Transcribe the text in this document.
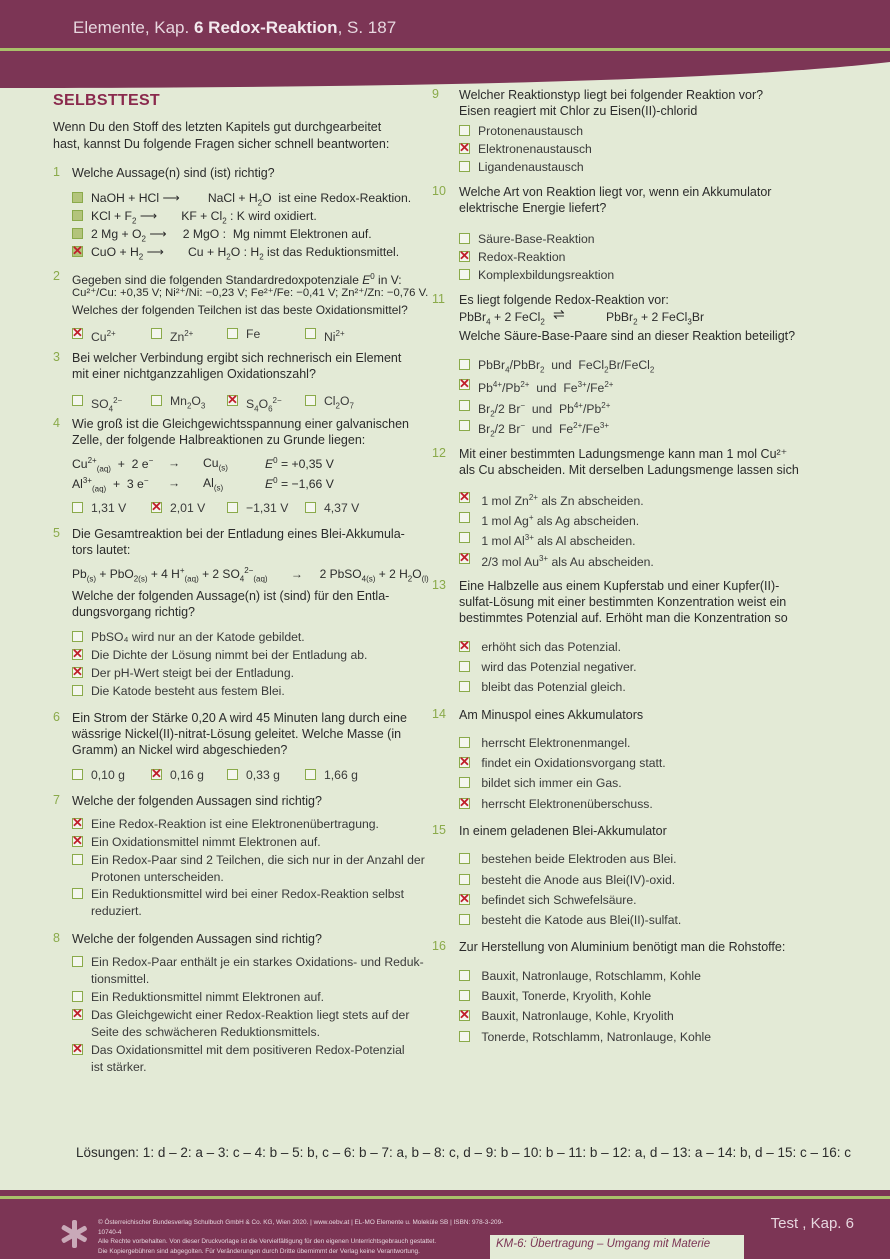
Elemente, Kap. 6 Redox-Reaktion, S. 187
SELBSTTEST
Wenn Du den Stoff des letzten Kapitels gut durchgearbeitet hast, kannst Du folgende Fragen sicher schnell beantworten:
1 Welche Aussage(n) sind (ist) richtig?
NaOH + HCl ⟶ NaCl + $H_2O$  ist eine Redox-Reaktion.
KCl + $F_2$ ⟶ KF + $Cl_2$ : K wird oxidiert.
2 $Mg + O_2$ ⟶ 2 MgO :  Mg nimmt Elektronen auf.
✕
CuO + $H_2$ ⟶ $Cu + H_2O$ : $H_2$ ist das Reduktionsmittel.
2 Gegeben sind die folgenden Standardredoxpotenziale $E^0$ in V:
Cu²⁺/Cu: +0,35 V; Ni²⁺/Ni: −0,23 V; Fe²⁺/Fe: −0,41 V; Zn²⁺/Zn: −0,76 V.
Welches der folgenden Teilchen ist das beste Oxidationsmittel?
✕
$Cu^{2+}$	$Zn^{2+}$	Fe	$Ni^{2+}$
3 Bei welcher Verbindung ergibt sich rechnerisch ein Element
mit einer nichtganzzahligen Oxidationszahl?
$SO_4^{2-}$	$Mn_2O_3$ ✕	$S_4O_6^{2-}$	$Cl_2O_7$
4 Wie groß ist die Gleichgewichtsspannung einer galvanischen
Zelle, der folgende Halbreaktionen zu Grunde liegen:
$Cu^{2+}_{(aq)} + 2$ $e^- \to Cu_{(s)}$	$E^0 = +0,35$ V
$Al^{3+}_{(aq)} + 3$ $e^- \to Al_{(s)}$	$E^0 = -1,66$ V
1,31 V ✕	2,01 V	−1,31 V	4,37 V
5 Die Gesamtreaktion bei der Entladung eines Blei-Akkumula-
tors lautet:
$Pb_{(s)} + PbO_{2(s)} + 4$ $H^+_{(aq)} + 2$ $SO_4^{2-}_{(aq)}$       →     2 PbSO$_{4(s)}$ + 2 $H_2O_{(l)}$
Welche der folgenden Aussage(n) ist (sind) für den Entla-
dungsvorgang richtig?
PbSO₄ wird nur an der Katode gebildet.
✕
Die Dichte der Lösung nimmt bei der Entladung ab.
✕
Der pH-Wert steigt bei der Entladung.
Die Katode besteht aus festem Blei.
6 Ein Strom der Stärke 0,20 A wird 45 Minuten lang durch eine
wässrige Nickel(II)-nitrat-Lösung geleitet. Welche Masse (in
Gramm) an Nickel wird abgeschieden?
0,10 g ✕	0,16 g	0,33 g	1,66 g
7 Welche der folgenden Aussagen sind richtig?
✕
Eine Redox-Reaktion ist eine Elektronenübertragung.
✕
Ein Oxidationsmittel nimmt Elektronen auf.
Ein Redox-Paar sind 2 Teilchen, die sich nur in der Anzahl der
Protonen unterscheiden.
Ein Reduktionsmittel wird bei einer Redox-Reaktion selbst
reduziert.
8 Welche der folgenden Aussagen sind richtig?
Ein Redox-Paar enthält je ein starkes Oxidations- und Reduk-
tionsmittel.
Ein Reduktionsmittel nimmt Elektronen auf.
✕
Das Gleichgewicht einer Redox-Reaktion liegt stets auf der
Seite des schwächeren Reduktionsmittels.
✕
Das Oxidationsmittel mit dem positiveren Redox-Potenzial
ist stärker.
9 Welcher Reaktionstyp liegt bei folgender Reaktion vor?
Eisen reagiert mit Chlor zu Eisen(II)-chlorid
Protonenaustausch
✕
Elektronenaustausch
Ligandenaustausch
10 Welche Art von Reaktion liegt vor, wenn ein Akkumulator
elektrische Energie liefert?
Säure-Base-Reaktion
✕
Redox-Reaktion
Komplexbildungsreaktion
11 Es liegt folgende Redox-Reaktion vor:
PbBr$_4$ + 2 FeCl$_2$ ⇌	PbBr$_2$ + 2 FeCl$_3$Br
Welche Säure-Base-Paare sind an dieser Reaktion beteiligt?
PbBr$_4$/PbBr$_2$  und  FeCl$_2$Br/FeCl$_2$
✕
$Pb^{4+}/Pb^{2+}$  und  $Fe^{3+}/Fe^{2+}$
$Br_2/2$ Br−  und  $Pb^{4+}/Pb^{2+}$
$Br_2/2$ Br−  und  $Fe^{2+}/Fe^{3+}$
12 Mit einer bestimmten Ladungsmenge kann man 1 mol Cu²⁺
als Cu abscheiden. Mit derselben Ladungsmenge lassen sich
✕
1 mol $Zn^{2+}$ als Zn abscheiden.
1 mol Ag+ als Ag abscheiden.
1 mol $Al^{3+}$ als Al abscheiden.
✕
2/3 mol $Au^{3+}$ als Au abscheiden.
13 Eine Halbzelle aus einem Kupferstab und einer Kupfer(II)-
sulfat-Lösung mit einer bestimmten Konzentration weist ein
bestimmtes Potenzial auf. Erhöht man die Konzentration so
✕
erhöht sich das Potenzial.
wird das Potenzial negativer.
bleibt das Potenzial gleich.
14 Am Minuspol eines Akkumulators
herrscht Elektronenmangel.
✕
findet ein Oxidationsvorgang statt.
bildet sich immer ein Gas.
✕
herrscht Elektronenüberschuss.
15 In einem geladenen Blei-Akkumulator
bestehen beide Elektroden aus Blei.
besteht die Anode aus Blei(IV)-oxid.
✕
befindet sich Schwefelsäure.
besteht die Katode aus Blei(II)-sulfat.
16 Zur Herstellung von Aluminium benötigt man die Rohstoffe:
Bauxit, Natronlauge, Rotschlamm, Kohle
Bauxit, Tonerde, Kryolith, Kohle
✕
Bauxit, Natronlauge, Kohle, Kryolith
Tonerde, Rotschlamm, Natronlauge, Kohle
Lösungen: 1: d – 2: a – 3: c – 4: b – 5: b, c – 6: b – 7: a, b – 8: c, d – 9: b – 10: b – 11: b – 12: a, d – 13: a – 14: b, d – 15: c – 16: c
© Österreichischer Bundesverlag Schulbuch GmbH & Co. KG, Wien 2020. | www.oebv.at | EL-MO Elemente u. Moleküle SB | ISBN: 978-3-209-10740-4
Alle Rechte vorbehalten. Von dieser Druckvorlage ist die Vervielfältigung für den eigenen Unterrichtsgebrauch gestattet.
Die Kopiergebühren sind abgegolten. Für Veränderungen durch Dritte übernimmt der Verlag keine Verantwortung.
Test , Kap. 6
KM-6: Übertragung – Umgang mit Materie
